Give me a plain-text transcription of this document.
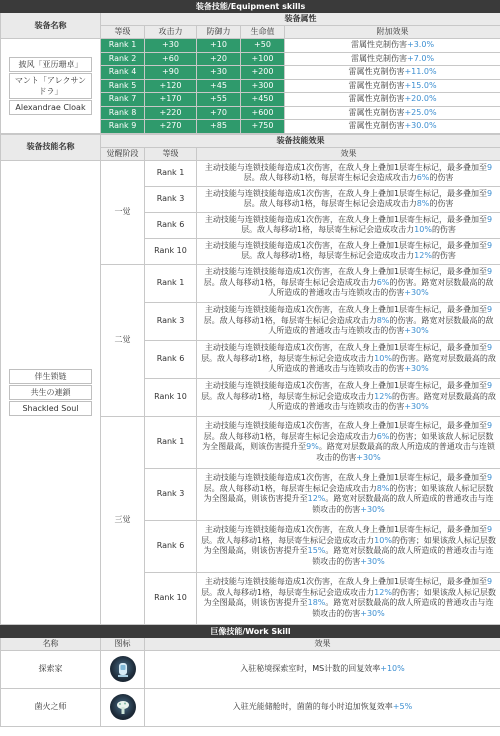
装备技能/Equipment skills					
装备名称	装备属性				
	等级	攻击力	防御力	生命值	附加效果

披风「亚历珊卓」
マント「アレクサンドラ」
Alexandrae Cloak	Rank 1	+30	+10	+50	雷属性克制伤害+3.0%
	Rank 2	+60	+20	+100	雷属性克制伤害+7.0%
	Rank 4	+90	+30	+200	雷属性克制伤害+11.0%
	Rank 5	+120	+45	+300	雷属性克制伤害+15.0%
	Rank 7	+170	+55	+450	雷属性克制伤害+20.0%
	Rank 8	+220	+70	+600	雷属性克制伤害+25.0%
	Rank 9	+270	+85	+750	雷属性克制伤害+30.0%
装备技能名称	装备技能效果		
	觉醒阶段	等级	效果

伴生锁链
共生の連鎖
Shackled Soul	一觉	Rank 1	主动技能与连锁技能每造成1次伤害，在敌人身上叠加1层寄生标记，最多叠加至9层。敌人每移动1格，每层寄生标记会造成攻击力6%的伤害
		Rank 3	主动技能与连锁技能每造成1次伤害，在敌人身上叠加1层寄生标记，最多叠加至9层。敌人每移动1格，每层寄生标记会造成攻击力8%的伤害
		Rank 6	主动技能与连锁技能每造成1次伤害，在敌人身上叠加1层寄生标记，最多叠加至9层。敌人每移动1格，每层寄生标记会造成攻击力10%的伤害
		Rank 10	主动技能与连锁技能每造成1次伤害，在敌人身上叠加1层寄生标记，最多叠加至9层。敌人每移动1格，每层寄生标记会造成攻击力12%的伤害
	二觉	Rank 1	主动技能与连锁技能每造成1次伤害，在敌人身上叠加1层寄生标记，最多叠加至9层。敌人每移动1格，每层寄生标记会造成攻击力6%的伤害。路宽对层数最高的敌人所造成的普通攻击与连锁攻击的伤害+30%
		Rank 3	主动技能与连锁技能每造成1次伤害，在敌人身上叠加1层寄生标记，最多叠加至9层。敌人每移动1格，每层寄生标记会造成攻击力8%的伤害。路宽对层数最高的敌人所造成的普通攻击与连锁攻击的伤害+30%
		Rank 6	主动技能与连锁技能每造成1次伤害，在敌人身上叠加1层寄生标记，最多叠加至9层。敌人每移动1格，每层寄生标记会造成攻击力10%的伤害。路宽对层数最高的敌人所造成的普通攻击与连锁攻击的伤害+30%
		Rank 10	主动技能与连锁技能每造成1次伤害，在敌人身上叠加1层寄生标记，最多叠加至9层。敌人每移动1格，每层寄生标记会造成攻击力12%的伤害。路宽对层数最高的敌人所造成的普通攻击与连锁攻击的伤害+30%
	三觉	Rank 1	主动技能与连锁技能每造成1次伤害，在敌人身上叠加1层寄生标记，最多叠加至9层。敌人每移动1格，每层寄生标记会造成攻击力6%的伤害；如果该敌人标记层数为全图最高，则该伤害提升至9%。路宽对层数最高的敌人所造成的普通攻击与连锁攻击的伤害+30%
		Rank 3	主动技能与连锁技能每造成1次伤害，在敌人身上叠加1层寄生标记，最多叠加至9层。敌人每移动1格，每层寄生标记会造成攻击力8%的伤害；如果该敌人标记层数为全图最高，则该伤害提升至12%。路宽对层数最高的敌人所造成的普通攻击与连锁攻击的伤害+30%
		Rank 6	主动技能与连锁技能每造成1次伤害，在敌人身上叠加1层寄生标记，最多叠加至9层。敌人每移动1格，每层寄生标记会造成攻击力10%的伤害；如果该敌人标记层数为全图最高，则该伤害提升至15%。路宽对层数最高的敌人所造成的普通攻击与连锁攻击的伤害+30%
		Rank 10	主动技能与连锁技能每造成1次伤害，在敌人身上叠加1层寄生标记，最多叠加至9层。敌人每移动1格，每层寄生标记会造成攻击力12%的伤害；如果该敌人标记层数为全图最高，则该伤害提升至18%。路宽对层数最高的敌人所造成的普通攻击与连锁攻击的伤害+30%
巨像技能/Work Skill		
名称	图标	效果
探索家		入驻秘境探索室时，MS计数的回复效率+10%
菌火之师		入驻光能储舱时，菌菌的每小时追加恢复效率+5%
